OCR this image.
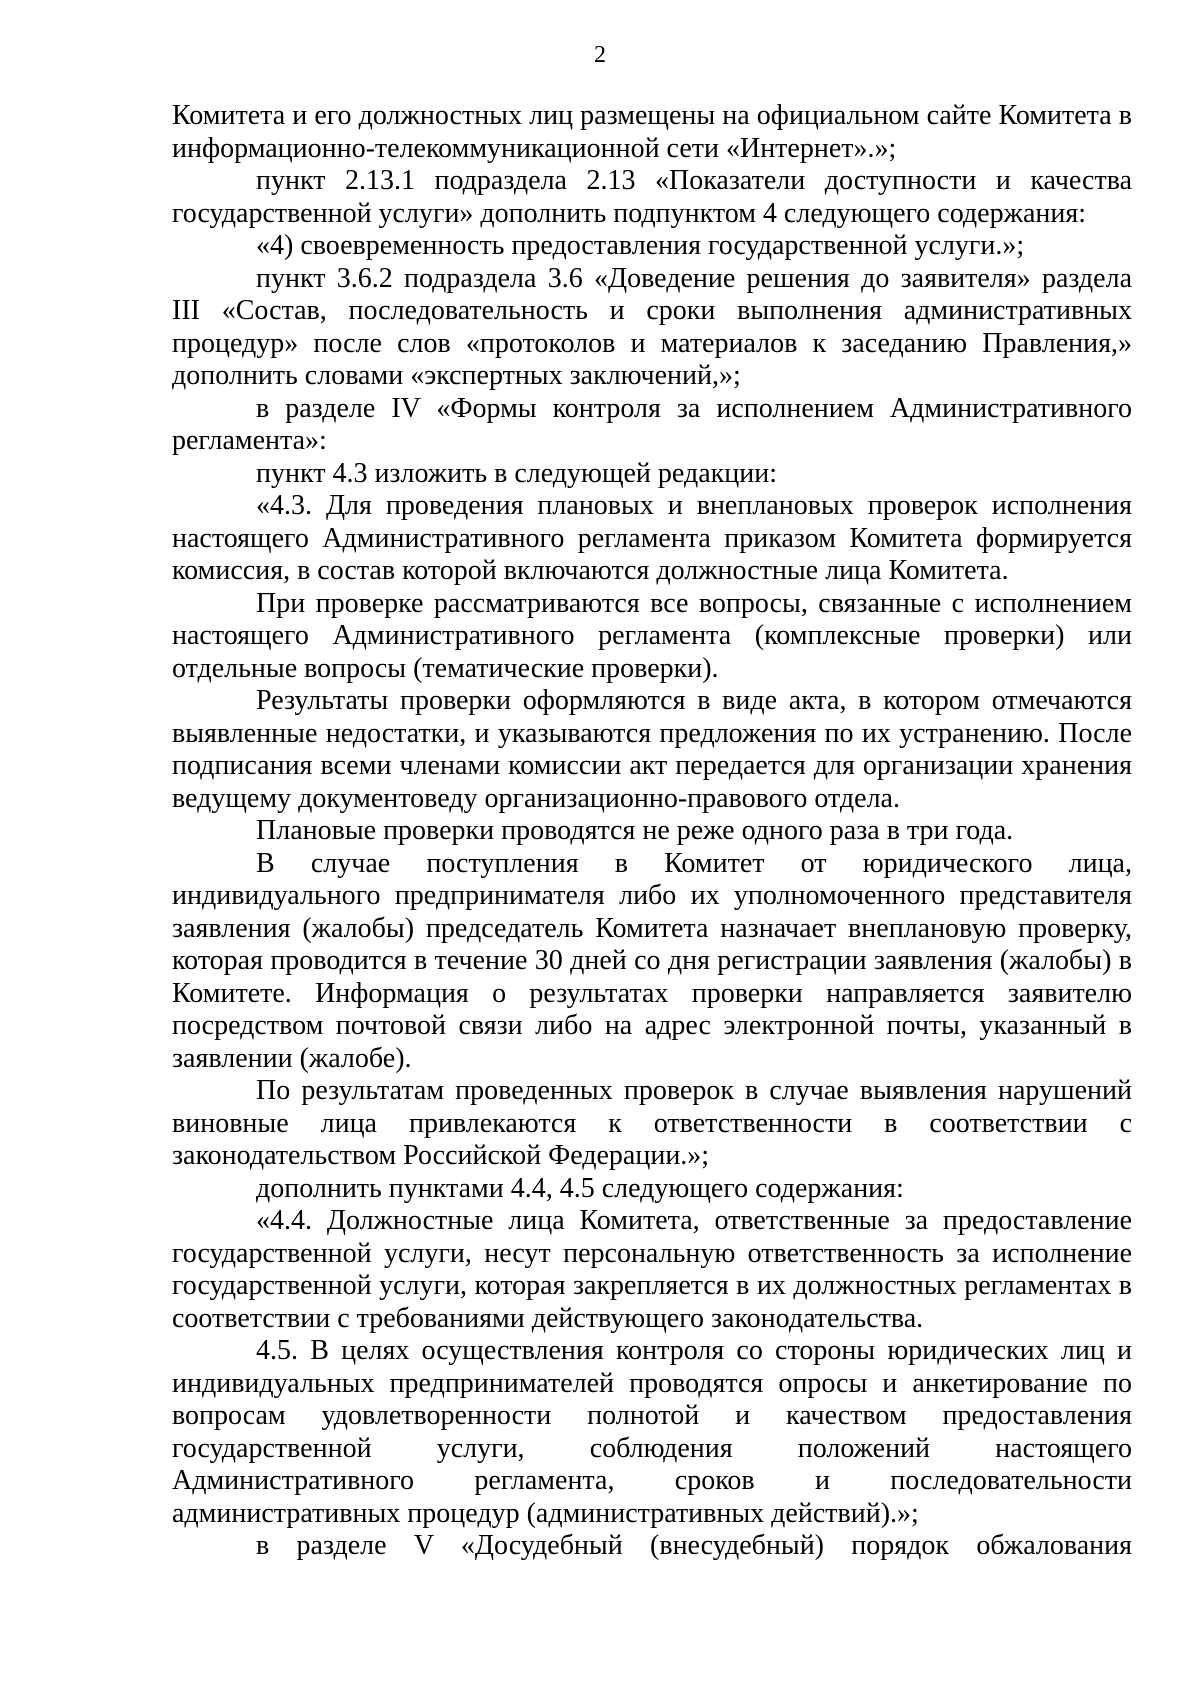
2

Комитета и его должностных лиц размещены на официальном сайте Комитета в информационно-телекоммуникационной сети «Интернет».»;

пункт 2.13.1 подраздела 2.13 «Показатели доступности и качества государственной услуги» дополнить подпунктом 4 следующего содержания:

«4) своевременность предоставления государственной услуги.»;

пункт 3.6.2 подраздела 3.6 «Доведение решения до заявителя» раздела III «Состав, последовательность и сроки выполнения административных процедур» после слов «протоколов и материалов к заседанию Правления,» дополнить словами «экспертных заключений,»;

в разделе IV «Формы контроля за исполнением Административного регламента»:

пункт 4.3 изложить в следующей редакции:

«4.3. Для проведения плановых и внеплановых проверок исполнения настоящего Административного регламента приказом Комитета формируется комиссия, в состав которой включаются должностные лица Комитета.

При проверке рассматриваются все вопросы, связанные с исполнением настоящего Административного регламента (комплексные проверки) или отдельные вопросы (тематические проверки).

Результаты проверки оформляются в виде акта, в котором отмечаются выявленные недостатки, и указываются предложения по их устранению. После подписания всеми членами комиссии акт передается для организации хранения ведущему документоведу организационно-правового отдела.

Плановые проверки проводятся не реже одного раза в три года.

В случае поступления в Комитет от юридического лица, индивидуального предпринимателя либо их уполномоченного представителя заявления (жалобы) председатель Комитета назначает внеплановую проверку, которая проводится в течение 30 дней со дня регистрации заявления (жалобы) в Комитете. Информация о результатах проверки направляется заявителю посредством почтовой связи либо на адрес электронной почты, указанный в заявлении (жалобе).

По результатам проведенных проверок в случае выявления нарушений виновные лица привлекаются к ответственности в соответствии с законодательством Российской Федерации.»;

дополнить пунктами 4.4, 4.5 следующего содержания:

«4.4. Должностные лица Комитета, ответственные за предоставление государственной услуги, несут персональную ответственность за исполнение государственной услуги, которая закрепляется в их должностных регламентах в соответствии с требованиями действующего законодательства.

4.5. В целях осуществления контроля со стороны юридических лиц и индивидуальных предпринимателей проводятся опросы и анкетирование по вопросам удовлетворенности полнотой и качеством предоставления государственной услуги, соблюдения положений настоящего Административного регламента, сроков и последовательности административных процедур (административных действий).»;

в разделе V «Досудебный (внесудебный) порядок обжалования
